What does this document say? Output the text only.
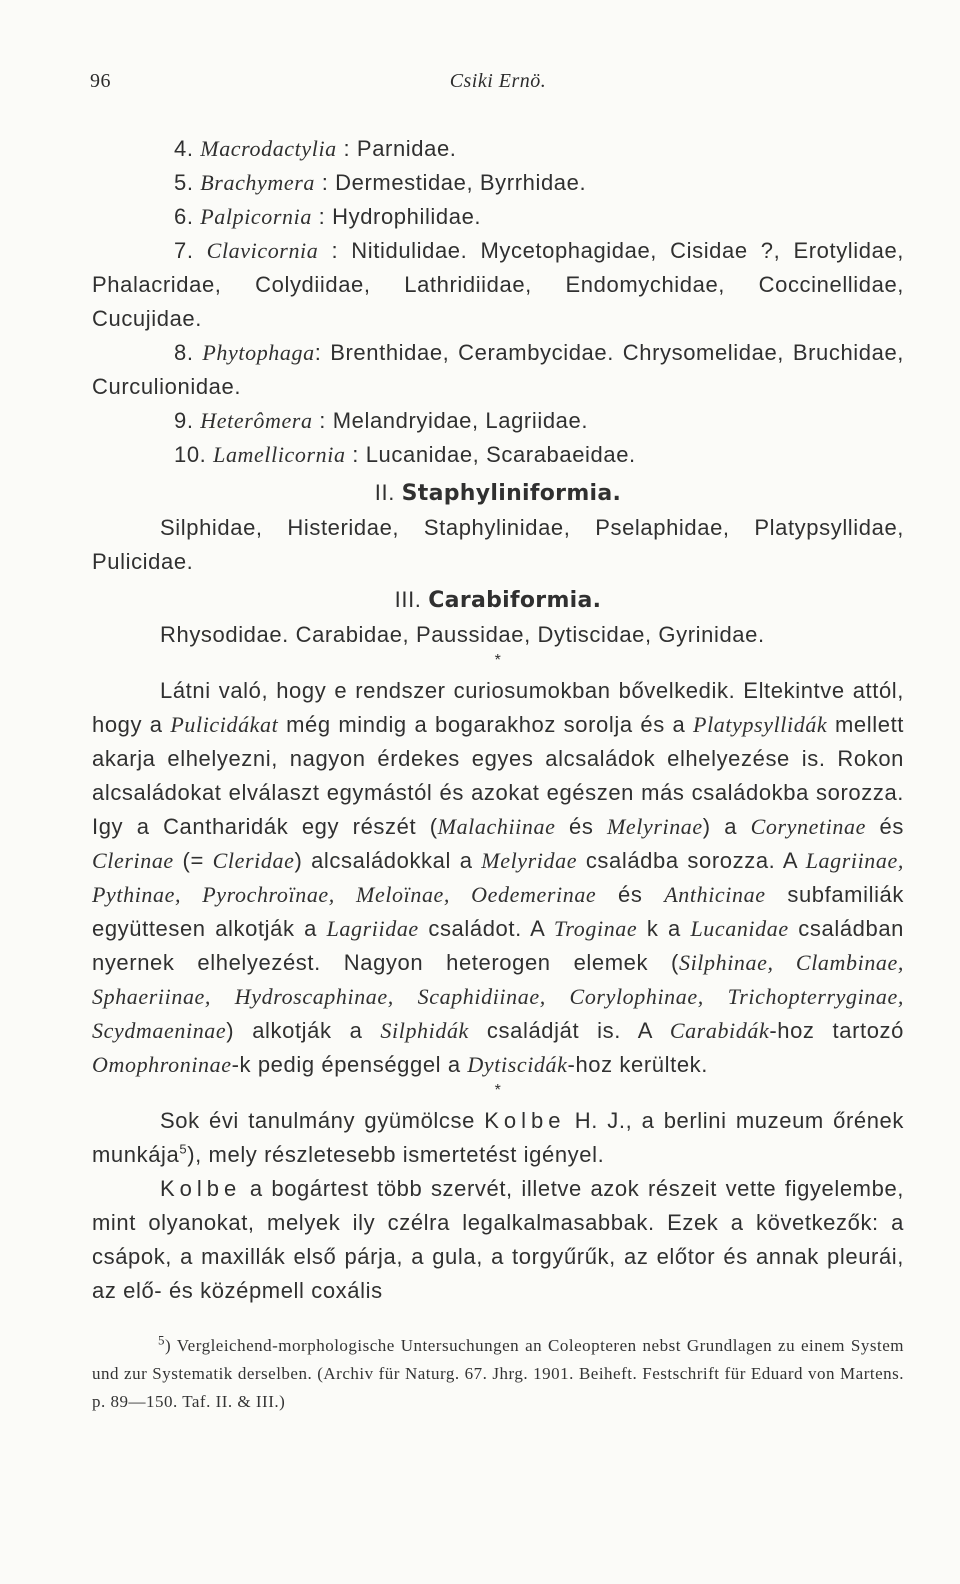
96	Csiki Ernö.

4. Macrodactylia : Parnidae.

5. Brachymera : Dermestidae, Byrrhidae.

6. Palpicornia : Hydrophilidae.

7. Clavicornia : Nitidulidae. Mycetophagidae, Cisidae ?, Erotylidae, Phalacridae, Colydiidae, Lathridiidae, Endomychidae, Coccinellidae, Cucujidae.

8. Phytophaga: Brenthidae, Cerambycidae. Chrysomelidae, Bruchidae, Curculionidae.

9. Heterômera : Melandryidae, Lagriidae.

10. Lamellicornia : Lucanidae, Scarabaeidae.

II. Staphyliniformia.

Silphidae, Histeridae, Staphylinidae, Pselaphidae, Platypsyllidae, Pulicidae.

III. Carabiformia.

Rhysodidae. Carabidae, Paussidae, Dytiscidae, Gyrinidae.

*

Látni való, hogy e rendszer curiosumokban bővelkedik. Eltekintve attól, hogy a Pulicidákat még mindig a bogarakhoz sorolja és a Platypsyllidák mellett akarja elhelyezni, nagyon érdekes egyes alcsaládok elhelyezése is. Rokon alcsaládokat elválaszt egymástól és azokat egészen más családokba sorozza. Igy a Cantharidák egy részét (Malachiinae és Melyrinae) a Corynetinae és Clerinae (= Cleridae) alcsaládokkal a Melyridae családba sorozza. A Lagriinae, Pythinae, Pyrochroïnae, Meloïnae, Oedemerinae és Anthicinae subfamiliák együttesen alkotják a Lagriidae családot. A Troginae k a Lucanidae családban nyernek elhelyezést. Nagyon heterogen elemek (Silphinae, Clambinae, Sphaeriinae, Hydroscaphinae, Scaphidiinae, Corylophinae, Trichopterryginae, Scydmaeninae) alkotják a Silphidák családját is. A Carabidák-hoz tartozó Omophroninae-k pedig épenséggel a Dytiscidák-hoz kerültek.

*

Sok évi tanulmány gyümölcse Kolbe H. J., a berlini muzeum őrének munkája$^5$), mely részletesebb ismertetést igényel.

Kolbe a bogártest több szervét, illetve azok részeit vette figyelembe, mint olyanokat, melyek ily czélra legalkalmasabbak. Ezek a következők: a csápok, a maxillák első párja, a gula, a torgyűrűk, az előtor és annak pleurái, az elő- és középmell coxális

$^5$) Vergleichend-morphologische Untersuchungen an Coleopteren nebst Grundlagen zu einem System und zur Systematik derselben. (Archiv für Naturg. 67. Jhrg. 1901. Beiheft. Festschrift für Eduard von Martens. p. 89—150. Taf. II. & III.)
